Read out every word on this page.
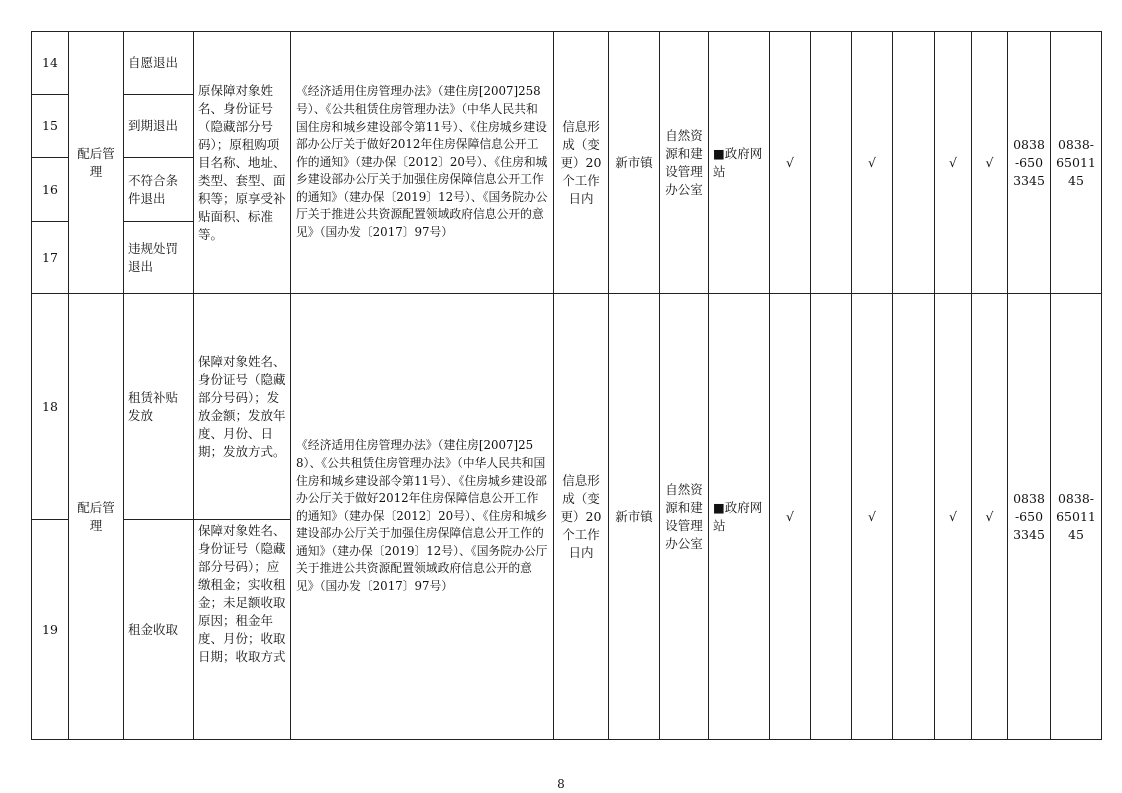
14	配后管理	自愿退出	原保障对象姓名、身份证号（隐藏部分号码）；原租购项目名称、地址、类型、套型、面积等；原享受补贴面积、标准等。	《经济适用住房管理办法》（建住房[2007]258号）、《公共租赁住房管理办法》（中华人民共和国住房和城乡建设部令第11号）、《住房城乡建设部办公厅关于做好2012年住房保障信息公开工作的通知》（建办保〔2012〕20号）、《住房和城乡建设部办公厅关于加强住房保障信息公开工作的通知》（建办保〔2019〕12号）、《国务院办公厅关于推进公共资源配置领域政府信息公开的意见》（国办发〔2017〕97号）	信息形成（变更）20个工作日内	新市镇	自然资源和建设管理办公室	■政府网站	√		√		√	√	0838-6503345	0838-6501145
15		到期退出														
16		不符合条件退出														
17		违规处罚退出														
18	配后管理	租赁补贴发放	保障对象姓名、身份证号（隐藏部分号码）；发放金额；发放年度、月份、日期；发放方式。	《经济适用住房管理办法》（建住房[2007]258）、《公共租赁住房管理办法》（中华人民共和国住房和城乡建设部令第11号）、《住房城乡建设部办公厅关于做好2012年住房保障信息公开工作的通知》（建办保〔2012〕20号）、《住房和城乡建设部办公厅关于加强住房保障信息公开工作的通知》（建办保〔2019〕12号）、《国务院办公厅关于推进公共资源配置领域政府信息公开的意见》（国办发〔2017〕97号）	信息形成（变更）20个工作日内	新市镇	自然资源和建设管理办公室	■政府网站	√		√		√	√	0838-6503345	0838-6501145
19		租金收取	保障对象姓名、身份证号（隐藏部分号码）；应缴租金；实收租金；未足额收取原因；租金年度、月份；收取日期；收取方式													
8
